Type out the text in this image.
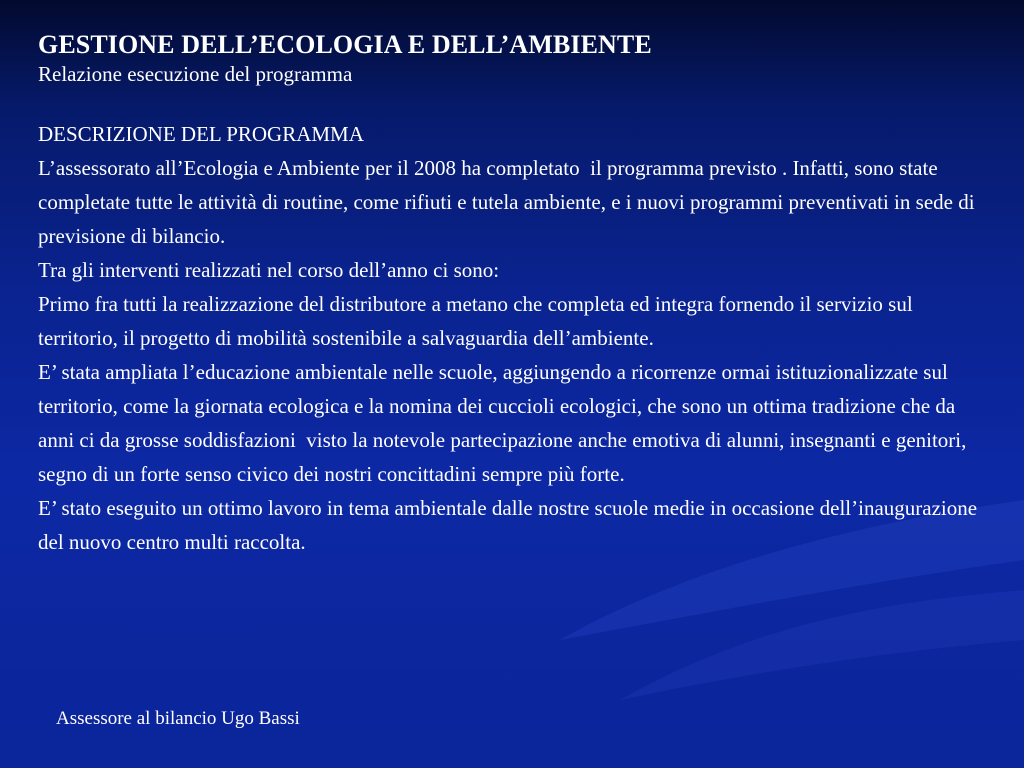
GESTIONE DELL’ECOLOGIA E DELL’AMBIENTE

Relazione esecuzione del programma

DESCRIZIONE DEL PROGRAMMA

L’assessorato all’Ecologia e Ambiente per il 2008 ha completato  il programma previsto . Infatti, sono state completate tutte le attività di routine, come rifiuti e tutela ambiente, e i nuovi programmi preventivati in sede di previsione di bilancio.

Tra gli interventi realizzati nel corso dell’anno ci sono:

Primo fra tutti la realizzazione del distributore a metano che completa ed integra fornendo il servizio sul territorio, il progetto di mobilità sostenibile a salvaguardia dell’ambiente.

E’ stata ampliata l’educazione ambientale nelle scuole, aggiungendo a ricorrenze ormai istituzionalizzate sul territorio, come la giornata ecologica e la nomina dei cuccioli ecologici, che sono un ottima tradizione che da anni ci da grosse soddisfazioni  visto la notevole partecipazione anche emotiva di alunni, insegnanti e genitori, segno di un forte senso civico dei nostri concittadini sempre più forte.

E’ stato eseguito un ottimo lavoro in tema ambientale dalle nostre scuole medie in occasione dell’inaugurazione del nuovo centro multi raccolta.

Assessore al bilancio Ugo Bassi
